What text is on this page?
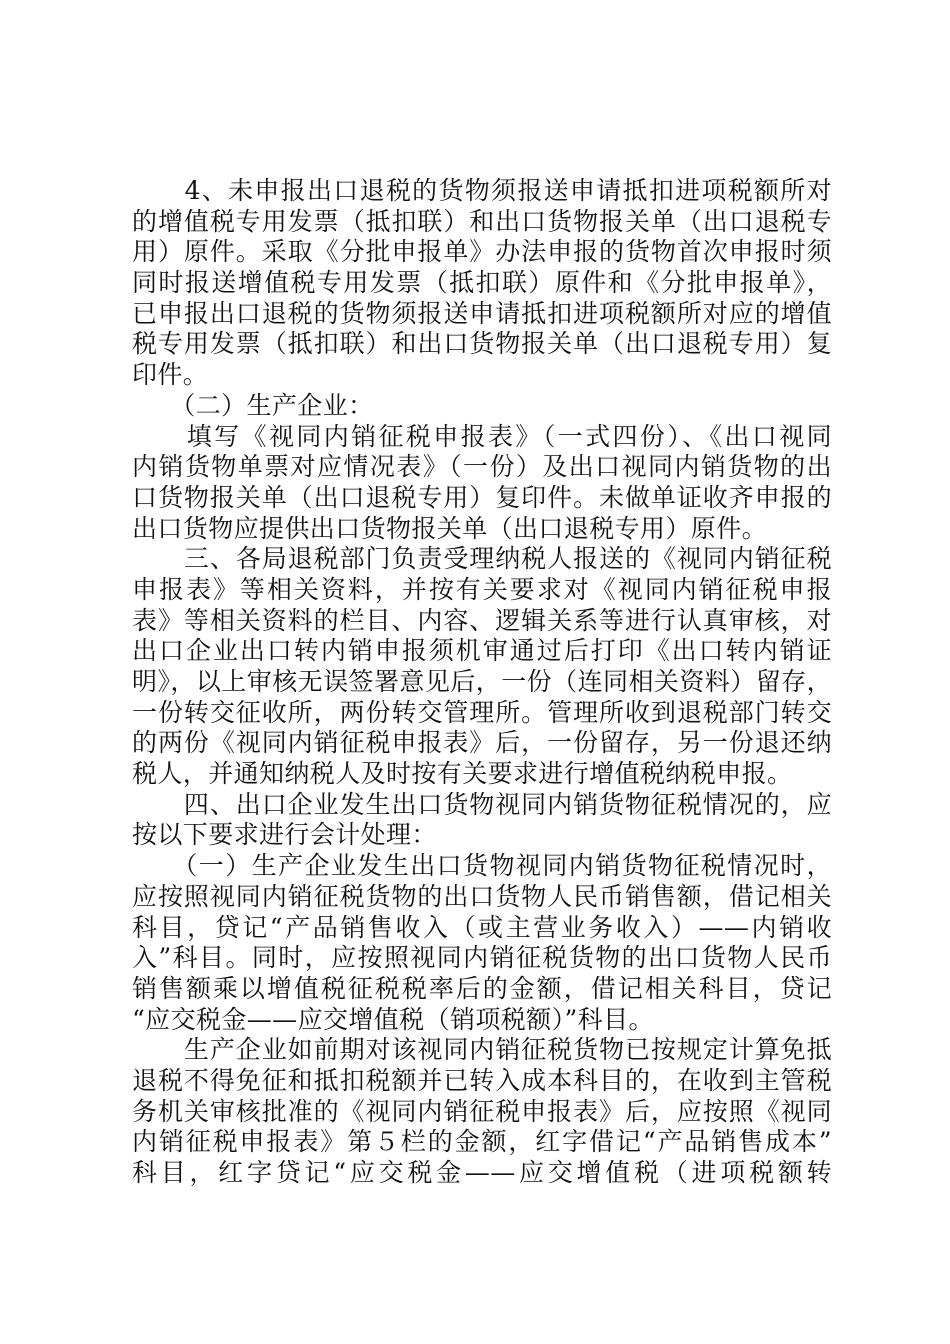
　　4、未申报出口退税的货物须报送申请抵扣进项税额所对
的增值税专用发票（抵扣联）和出口货物报关单（出口退税专
用）原件。采取《分批申报单》办法申报的货物首次申报时须
同时报送增值税专用发票（抵扣联）原件和《分批申报单》，
已申报出口退税的货物须报送申请抵扣进项税额所对应的增值
税专用发票（抵扣联）和出口货物报关单（出口退税专用）复
印件。
　　（二）生产企业：
　　填写《视同内销征税申报表》（一式四份）、《出口视同
内销货物单票对应情况表》（一份）及出口视同内销货物的出
口货物报关单（出口退税专用）复印件。未做单证收齐申报的
出口货物应提供出口货物报关单（出口退税专用）原件。
　　三、各局退税部门负责受理纳税人报送的《视同内销征税
申报表》等相关资料，并按有关要求对《视同内销征税申报
表》等相关资料的栏目、内容、逻辑关系等进行认真审核，对
出口企业出口转内销申报须机审通过后打印《出口转内销证
明》，以上审核无误签署意见后，一份（连同相关资料）留存，
一份转交征收所，两份转交管理所。管理所收到退税部门转交
的两份《视同内销征税申报表》后，一份留存，另一份退还纳
税人，并通知纳税人及时按有关要求进行增值税纳税申报。
　　四、出口企业发生出口货物视同内销货物征税情况的，应
按以下要求进行会计处理：
　　（一）生产企业发生出口货物视同内销货物征税情况时，
应按照视同内销征税货物的出口货物人民币销售额，借记相关
科目，贷记“产品销售收入（或主营业务收入）——内销收
入”科目。同时，应按照视同内销征税货物的出口货物人民币
销售额乘以增值税征税税率后的金额，借记相关科目，贷记
“应交税金——应交增值税（销项税额）”科目。
　　生产企业如前期对该视同内销征税货物已按规定计算免抵
退税不得免征和抵扣税额并已转入成本科目的，在收到主管税
务机关审核批准的《视同内销征税申报表》后，应按照《视同
内销征税申报表》第５栏的金额，红字借记“产品销售成本”
科目，红字贷记“应交税金——应交增值税（进项税额转
